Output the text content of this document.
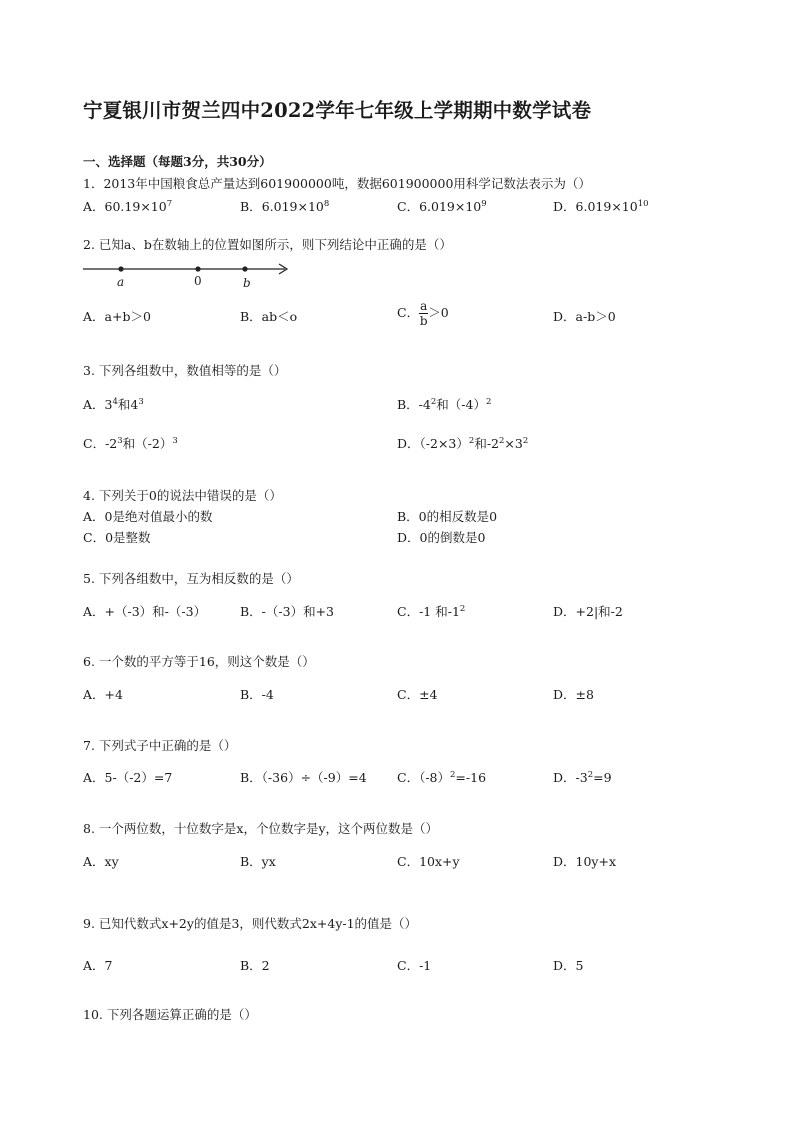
宁夏银川市贺兰四中2022学年七年级上学期期中数学试卷
一、选择题（每题3分，共30分）
1．2013年中国粮食总产量达到601900000吨，数据601900000用科学记数法表示为（）
A．$60.19\times 10^7$	B．$6.019\times 10^8$	C．$6.019\times 10^9$	D．$6.019\times 10^{10}$
2. 已知a、b在数轴上的位置如图所示，则下列结论中正确的是（）
a	0	b
A．a+b＞0	B．ab＜o	C． $\frac{a}{b} >0$	D．a-b＞0
3. 下列各组数中，数值相等的是（）
A．$3^4$和$4^3$	B．$-4^2$和$(-4)^2$
C．$-2^3$和$(-2)^3$	D．$(-2\times 3)^2$和$-2^2\times 3^2$
4. 下列关于0的说法中错误的是（）
A．0是绝对值最小的数	B．0的相反数是0
C．0是整数	D．0的倒数是0
5. 下列各组数中，互为相反数的是（）
A．+（-3）和-（-3）	B．-（-3）和+3	C．-1 和$-1^2$	D．+2|和-2
6. 一个数的平方等于16，则这个数是（）
A．+4	B．-4	C．±4	D．±8
7. 下列式子中正确的是（）
A．5-（-2）=7	B．（-36）÷（-9）=4 C．$(-8)^2=-16$	D．$-3^2=9$
8. 一个两位数，十位数字是x，个位数字是y，这个两位数是（）
A．xy	B．yx	C．10x+y	D．10y+x
9. 已知代数式x+2y的值是3，则代数式2x+4y-1的值是（）
A．7	B．2	C．-1	D．5
10. 下列各题运算正确的是（）
